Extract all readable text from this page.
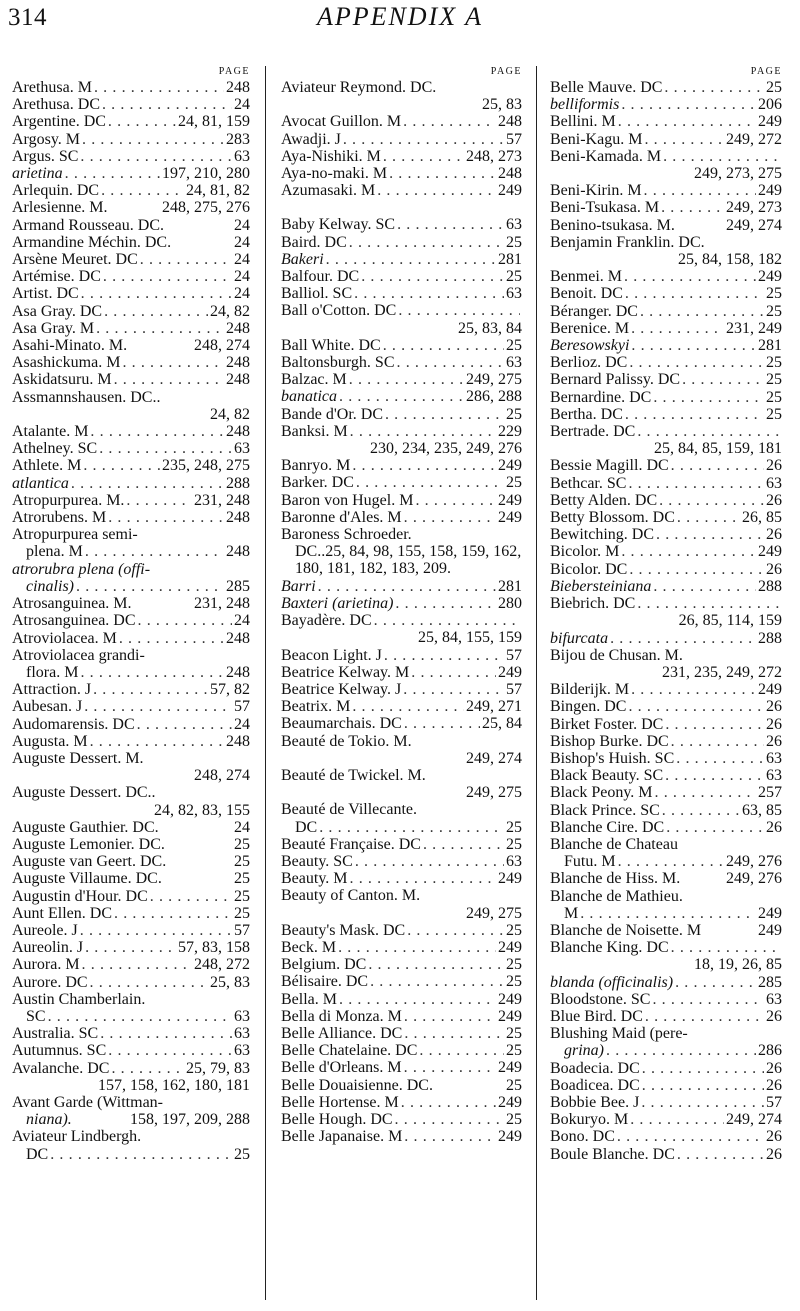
314	APPENDIX A
PAGE
Arethusa. M . . .	248
Arethusa. DC . . .	24
Argentine. DC . . .	24, 81, 159
Argosy. M . . .	283
Argus. SC . . .	63
arietina . . .	197, 210, 280
Arlequin. DC . . .	24, 81, 82
Arlesienne. M.	248, 275, 276
Armand Rousseau. DC.	24
Armandine Méchin. DC.	24
Arsène Meuret. DC . . .	24
Artémise. DC . . .	24
Artist. DC . . .	24
Asa Gray. DC . . .	24, 82
Asa Gray. M . . .	248
Asahi-Minato. M.	248, 274
Asashickuma. M . . .	248
Askidatsuru. M . . .	248
Assmannshausen. DC..
24, 82
Atalante. M . . .	248
Athelney. SC . . .	63
Athlete. M . . .	235, 248, 275
atlantica . . .	288
Atropurpurea. M. . . .	231, 248
Atrorubens. M . . .	248
Atropurpurea semi-
plena. M . . .	248
atrorubra plena (offi-
cinalis) . . .	285
Atrosanguinea. M.	231, 248
Atrosanguinea. DC . . .	24
Atroviolacea. M . . .	248
Atroviolacea grandi-
flora. M . . .	248
Attraction. J . . .	57, 82
Aubesan. J . . .	57
Audomarensis. DC . . .	24
Augusta. M . . .	248
Auguste Dessert. M.
248, 274
Auguste Dessert. DC..
24, 82, 83, 155
Auguste Gauthier. DC.	24
Auguste Lemonier. DC.	25
Auguste van Geert. DC.	25
Auguste Villaume. DC.	25
Augustin d'Hour. DC . . .	25
Aunt Ellen. DC . . .	25
Aureole. J . . .	57
Aureolin. J . . .	57, 83, 158
Aurora. M . . .	248, 272
Aurore. DC . . .	25, 83
Austin Chamberlain.
SC . . .	63
Australia. SC . . .	63
Autumnus. SC . . .	63
Avalanche. DC . . .	25, 79, 83
157, 158, 162, 180, 181
Avant Garde (Wittman-
niana).	158, 197, 209, 288
Aviateur Lindbergh.
DC . . .	25
PAGE
Aviateur Reymond. DC.
25, 83
Avocat Guillon. M . . .	248
Awadji. J . . .	57
Aya-Nishiki. M . . .	248, 273
Aya-no-maki. M . . .	248
Azumasaki. M . . .	249
Baby Kelway. SC . . .	63
Baird. DC . . .	25
Bakeri . . .	281
Balfour. DC . . .	25
Balliol. SC . . .	63
Ball o'Cotton. DC
. . .
25, 83, 84
Ball White. DC . . .	25
Baltonsburgh. SC . . .	63
Balzac. M . . .	249, 275
banatica . . .	286, 288
Bande d'Or. DC . . .	25
Banksi. M . . .	229
230, 234, 235, 249, 276
Banryo. M . . .	249
Barker. DC . . .	25
Baron von Hugel. M . . .	249
Baronne d'Ales. M . . .	249
Baroness Schroeder.
DC..25, 84, 98, 155, 158, 159, 162, 180, 181, 182, 183, 209.
Barri . . .	281
Baxteri (arietina) . . .	280
Bayadère. DC
. . .
25, 84, 155, 159
Beacon Light. J . . .	57
Beatrice Kelway. M . . .	249
Beatrice Kelway. J . . .	57
Beatrix. M . . .	249, 271
Beaumarchais. DC . . .	25, 84
Beauté de Tokio. M.
249, 274
Beauté de Twickel. M.
249, 275
Beauté de Villecante.
DC . . .	25
Beauté Française. DC . . .	25
Beauty. SC . . .	63
Beauty. M . . .	249
Beauty of Canton. M.
249, 275
Beauty's Mask. DC . . .	25
Beck. M . . .	249
Belgium. DC . . .	25
Bélisaire. DC . . .	25
Bella. M . . .	249
Bella di Monza. M . . .	249
Belle Alliance. DC . . .	25
Belle Chatelaine. DC . . .	25
Belle d'Orleans. M . . .	249
Belle Douaisienne. DC.	25
Belle Hortense. M . . .	249
Belle Hough. DC . . .	25
Belle Japanaise. M . . .	249
PAGE
Belle Mauve. DC . . .	25
belliformis . . .	206
Bellini. M . . .	249
Beni-Kagu. M . . .	249, 272
Beni-Kamada. M
. . .
249, 273, 275
Beni-Kirin. M . . .	249
Beni-Tsukasa. M . . .	249, 273
Benino-tsukasa. M.	249, 274
Benjamin Franklin. DC.
25, 84, 158, 182
Benmei. M . . .	249
Benoit. DC . . .	25
Béranger. DC . . .	25
Berenice. M . . .	231, 249
Beresowskyi . . .	281
Berlioz. DC . . .	25
Bernard Palissy. DC . . .	25
Bernardine. DC . . .	25
Bertha. DC . . .	25
Bertrade. DC
. . .
25, 84, 85, 159, 181
Bessie Magill. DC . . .	26
Bethcar. SC . . .	63
Betty Alden. DC . . .	26
Betty Blossom. DC . . .	26, 85
Bewitching. DC . . .	26
Bicolor. M . . .	249
Bicolor. DC . . .	26
Biebersteiniana . . .	288
Biebrich. DC
. . .
26, 85, 114, 159
bifurcata . . .	288
Bijou de Chusan. M.
231, 235, 249, 272
Bilderijk. M . . .	249
Bingen. DC . . .	26
Birket Foster. DC . . .	26
Bishop Burke. DC . . .	26
Bishop's Huish. SC . . .	63
Black Beauty. SC . . .	63
Black Peony. M . . .	257
Black Prince. SC . . .	63, 85
Blanche Cire. DC . . .	26
Blanche de Chateau
Futu. M . . .	249, 276
Blanche de Hiss. M.	249, 276
Blanche de Mathieu.
M . . .	249
Blanche de Noisette. M	249
Blanche King. DC
. . .
18, 19, 26, 85
blanda (officinalis) . . .	285
Bloodstone. SC . . .	63
Blue Bird. DC . . .	26
Blushing Maid (pere-
grina) . . .	286
Boadecia. DC . . .	26
Boadicea. DC . . .	26
Bobbie Bee. J . . .	57
Bokuryo. M . . .	249, 274
Bono. DC . . .	26
Boule Blanche. DC . . .	26
